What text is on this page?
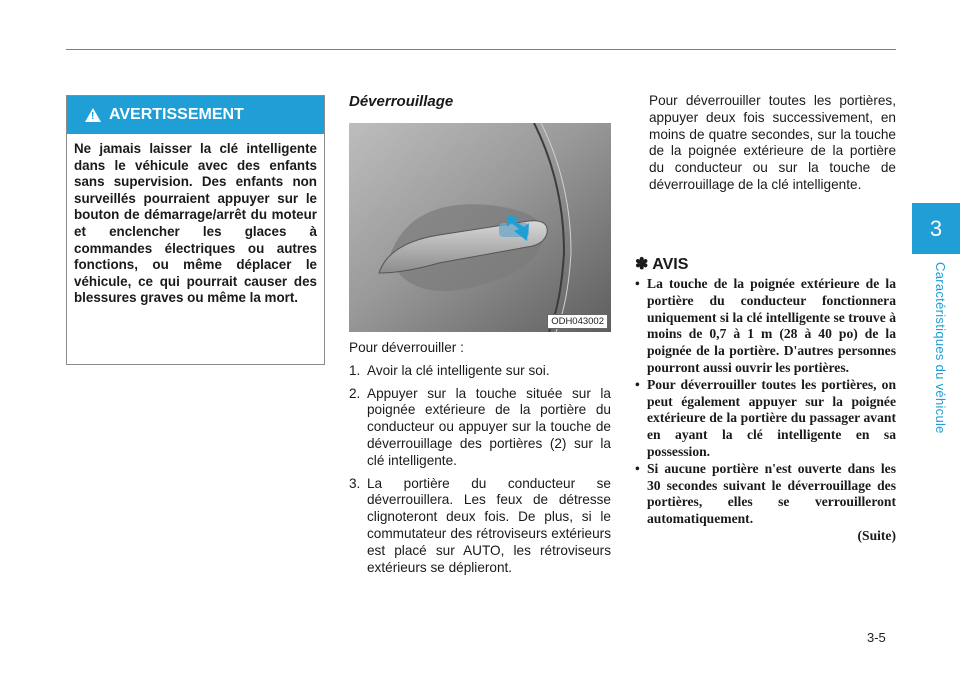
3
Caractéristiques du véhicule
! AVERTISSEMENT
Ne jamais laisser la clé intelligente dans le véhicule avec des enfants sans supervision. Des enfants non surveillés pourraient appuyer sur le bouton de démarrage/arrêt du moteur et enclencher les glaces à commandes électriques ou autres fonctions, ou même déplacer le véhicule, ce qui pourrait causer des blessures graves ou même la mort.
Déverrouillage
ODH043002

Pour déverrouiller :

1. Avoir la clé intelligente sur soi.
2. Appuyer sur la touche située sur la poignée extérieure de la portière du conducteur ou appuyer sur la touche de déverrouillage des portières (2) sur la clé intelligente.
3. La portière du conducteur se déverrouillera. Les feux de détresse clignoteront deux fois. De plus, si le commutateur des rétroviseurs extérieurs est placé sur AUTO, les rétroviseurs extérieurs se déplieront.
Pour déverrouiller toutes les portières, appuyer deux fois successivement, en moins de quatre secondes, sur la touche de la poignée extérieure de la portière du conducteur ou sur la touche de déverrouillage de la clé intelligente.
✽ AVIS
• La touche de la poignée extérieure de la portière du conducteur fonctionnera uniquement si la clé intelligente se trouve à moins de 0,7 à 1 m (28 à 40 po) de la poignée de la portière. D'autres personnes pourront aussi ouvrir les portières.
• Pour déverrouiller toutes les portières, on peut également appuyer sur la poignée extérieure de la portière du passager avant en ayant la clé intelligente en sa possession.
• Si aucune portière n'est ouverte dans les 30 secondes suivant le déverrouillage des portières, elles se verrouilleront automatiquement.
(Suite)
3-5
